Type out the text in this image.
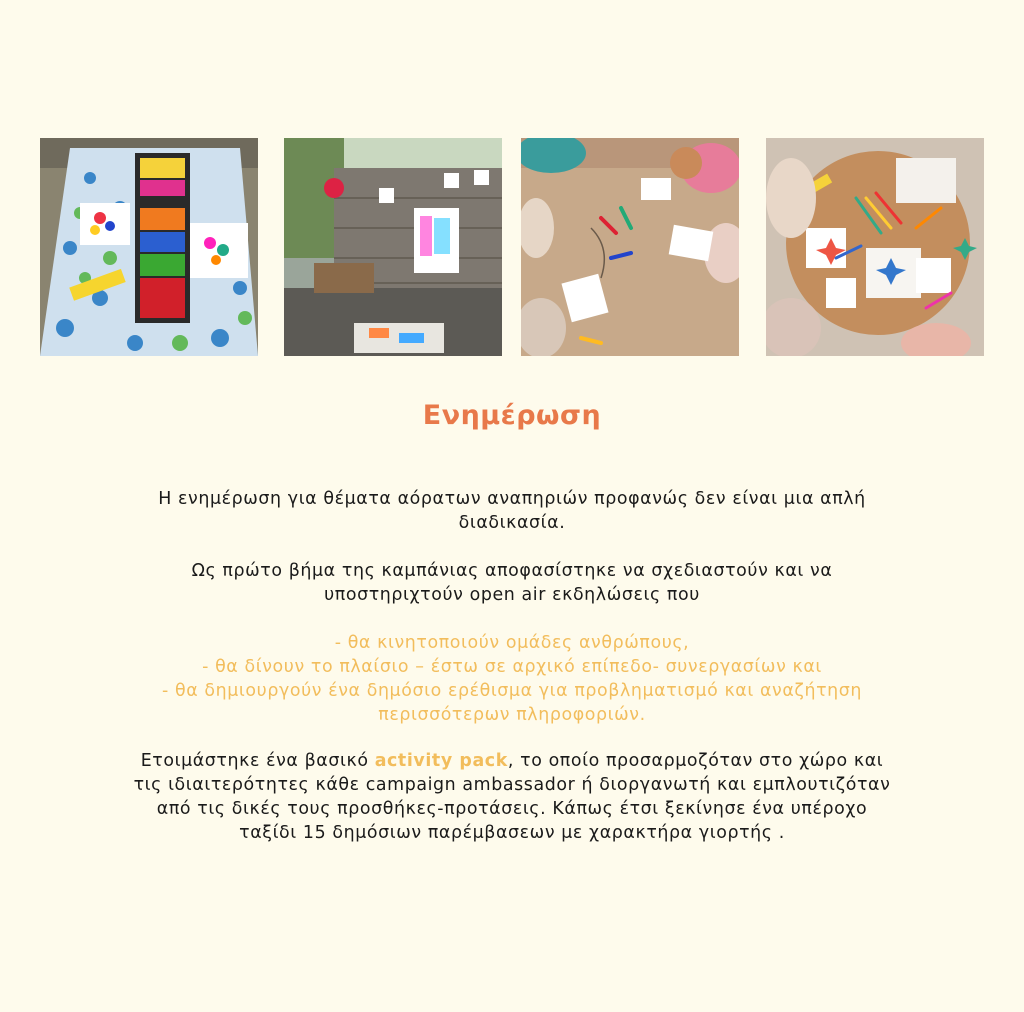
Ενημέρωση

Η ενημέρωση για θέματα αόρατων αναπηριών προφανώς δεν είναι μια απλή

διαδικασία.

Ως πρώτο βήμα της καμπάνιας αποφασίστηκε να σχεδιαστούν και να

υποστηριχτούν open air εκδηλώσεις που

- θα κινητοποιούν ομάδες ανθρώπους,

- θα δίνουν το πλαίσιο – έστω σε αρχικό επίπεδο- συνεργασίων και

- θα δημιουργούν ένα δημόσιο ερέθισμα για προβληματισμό και αναζήτηση

περισσότερων πληροφοριών.

Ετοιμάστηκε ένα βασικό activity pack, το οποίο προσαρμοζόταν στο χώρο και

τις ιδιαιτερότητες κάθε campaign ambassador ή διοργανωτή και εμπλουτιζόταν

από τις δικές τους προσθήκες-προτάσεις. Κάπως έτσι ξεκίνησε ένα υπέροχο

ταξίδι 15 δημόσιων παρέμβασεων με χαρακτήρα γιορτής .
